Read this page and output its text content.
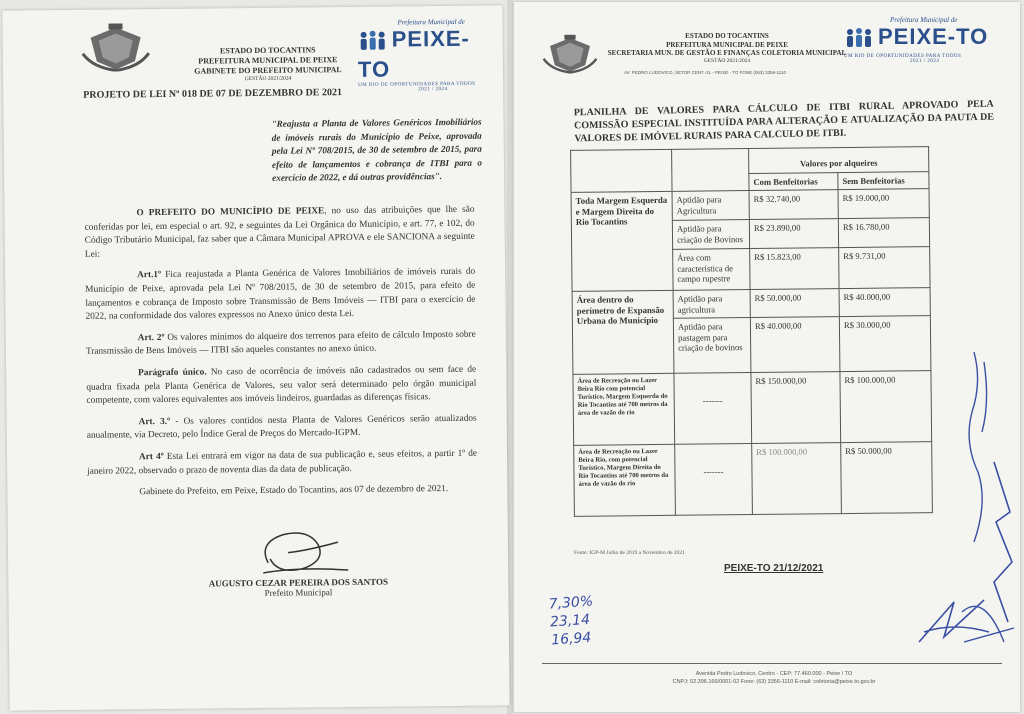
ESTADO DO TOCANTINS
PREFEITURA MUNICIPAL DE PEIXE
GABINETE DO PREFEITO MUNICIPAL
GESTÃO 2021/2024
Prefeitura Municipal de
PEIXE-TO
UM RIO DE OPORTUNIDADES PARA TODOS
2021 / 2024
PROJETO DE LEI Nº 018 DE 07 DE DEZEMBRO DE 2021
"Reajusta a Planta de Valores Genéricos Imobiliários de imóveis rurais do Município de Peixe, aprovada pela Lei Nº 708/2015, de 30 de setembro de 2015, para efeito de lançamentos e cobrança de ITBI para o exercício de 2022, e dá outras providências".

O PREFEITO DO MUNICÍPIO DE PEIXE, no uso das atribuições que lhe são conferidas por lei, em especial o art. 92, e seguintes da Lei Orgânica do Município, e art. 77, e 102, do Código Tributário Municipal, faz saber que a Câmara Municipal APROVA e ele SANCIONA a seguinte Lei:

Art.1º Fica reajustada a Planta Genérica de Valores Imobiliários de imóveis rurais do Município de Peixe, aprovada pela Lei Nº 708/2015, de 30 de setembro de 2015, para efeito de lançamentos e cobrança de Imposto sobre Transmissão de Bens Imóveis — ITBI para o exercício de 2022, na conformidade dos valores expressos no Anexo único desta Lei.

Art. 2º Os valores mínimos do alqueire dos terrenos para efeito de cálculo Imposto sobre Transmissão de Bens Imóveis — ITBI são aqueles constantes no anexo único.

Parágrafo único. No caso de ocorrência de imóveis não cadastrados ou sem face de quadra fixada pela Planta Genérica de Valores, seu valor será determinado pelo órgão municipal competente, com valores equivalentes aos imóveis lindeiros, guardadas as diferenças físicas.

Art. 3.º - Os valores contidos nesta Planta de Valores Genéricos serão atualizados anualmente, via Decreto, pelo Índice Geral de Preços do Mercado-IGPM.

Art 4º Esta Lei entrará em vigor na data de sua publicação e, seus efeitos, a partir 1º de janeiro 2022, observado o prazo de noventa dias da data de publicação.

Gabinete do Prefeito, em Peixe, Estado do Tocantins, aos 07 de dezembro de 2021.

AUGUSTO CEZAR PEREIRA DOS SANTOS
Prefeito Municipal
ESTADO DO TOCANTINS
PREFEITURA MUNICIPAL DE PEIXE
SECRETARIA MUN. DE GESTÃO E FINANÇAS COLETORIA MUNICIPAL
GESTÃO 2021/2024
AV. PEDRO LUDOVICO, SETOR CENT.-2L - PEIXE - TO FONE (063) 3356-1110
Prefeitura Municipal de
PEIXE-TO
UM RIO DE OPORTUNIDADES PARA TODOS
2021 / 2024
PLANILHA DE VALORES PARA CÁLCULO DE ITBI RURAL APROVADO PELA COMISSÃO ESPECIAL INSTITUÍDA PARA ALTERAÇÃO E ATUALIZAÇÃO DA PAUTA DE VALORES DE IMÓVEL RURAIS PARA CALCULO DE ITBI.
		Valores por alqueires	
		Com Benfeitorias	Sem Benfeitorias
Toda Margem Esquerda e Margem Direita do Rio Tocantins	Aptidão para Agricultura	R$ 32.740,00	R$ 19.000,00
	Aptidão para criação de Bovinos	R$ 23.890,00	R$ 16.780,00
	Área com característica de campo rupestre	R$ 15.823,00	R$ 9.731,00
Área dentro do perímetro de Expansão Urbana do Município	Aptidão para agricultura	R$ 50.000,00	R$ 40.000,00
	Aptidão para pastagem para criação de bovinos	R$ 40.000,00	R$ 30.000,00
Área de Recreação ou Lazer Beira Rio com potencial Turístico, Margem Esquerda do Rio Tocantins até 700 metros da área de vazão do rio	-------	R$ 150.000,00	R$ 100.000,00
Área de Recreação ou Lazer Beira Rio, com potencial Turístico, Margem Direita do Rio Tocantins até 700 metros da área de vazão do rio	-------	R$ 100.000,00	R$ 50.000,00
Fonte: IGP-M Julho de 2019 a Novembro de 2021
PEIXE-TO 21/12/2021
7,30%
23,14
16,94
Avenida Pedro Ludovico, Centro - CEP: 77.460.000 - Peixe / TO
CNPJ: 02.396.166/0001-02 Fone: (63) 3356-1110 E-mail: coletoria@peixe.to.gov.br
